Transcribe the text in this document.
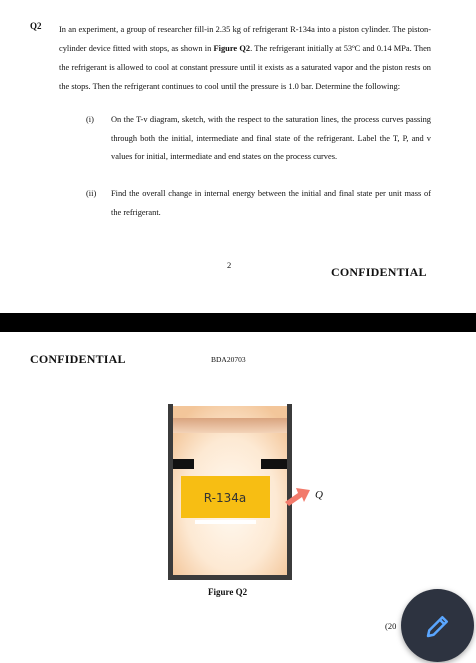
Q2 In an experiment, a group of researcher fill-in 2.35 kg of refrigerant R-134a into a piston cylinder. The piston-cylinder device fitted with stops, as shown in Figure Q2. The refrigerant initially at 53ºC and 0.14 MPa. Then the refrigerant is allowed to cool at constant pressure until it exists as a saturated vapor and the piston rests on the stops. Then the refrigerant continues to cool until the pressure is 1.0 bar. Determine the following:
(i)	On the T-v diagram, sketch, with the respect to the saturation lines, the process curves passing through both the initial, intermediate and final state of the refrigerant. Label the T, P, and v values for initial, intermediate and end states on the process curves.
(ii)	Find the overall change in internal energy between the initial and final state per unit mass of the refrigerant.
2	CONFIDENTIAL
CONFIDENTIAL	BDA20703
R-134a	Q
Figure Q2
(20
